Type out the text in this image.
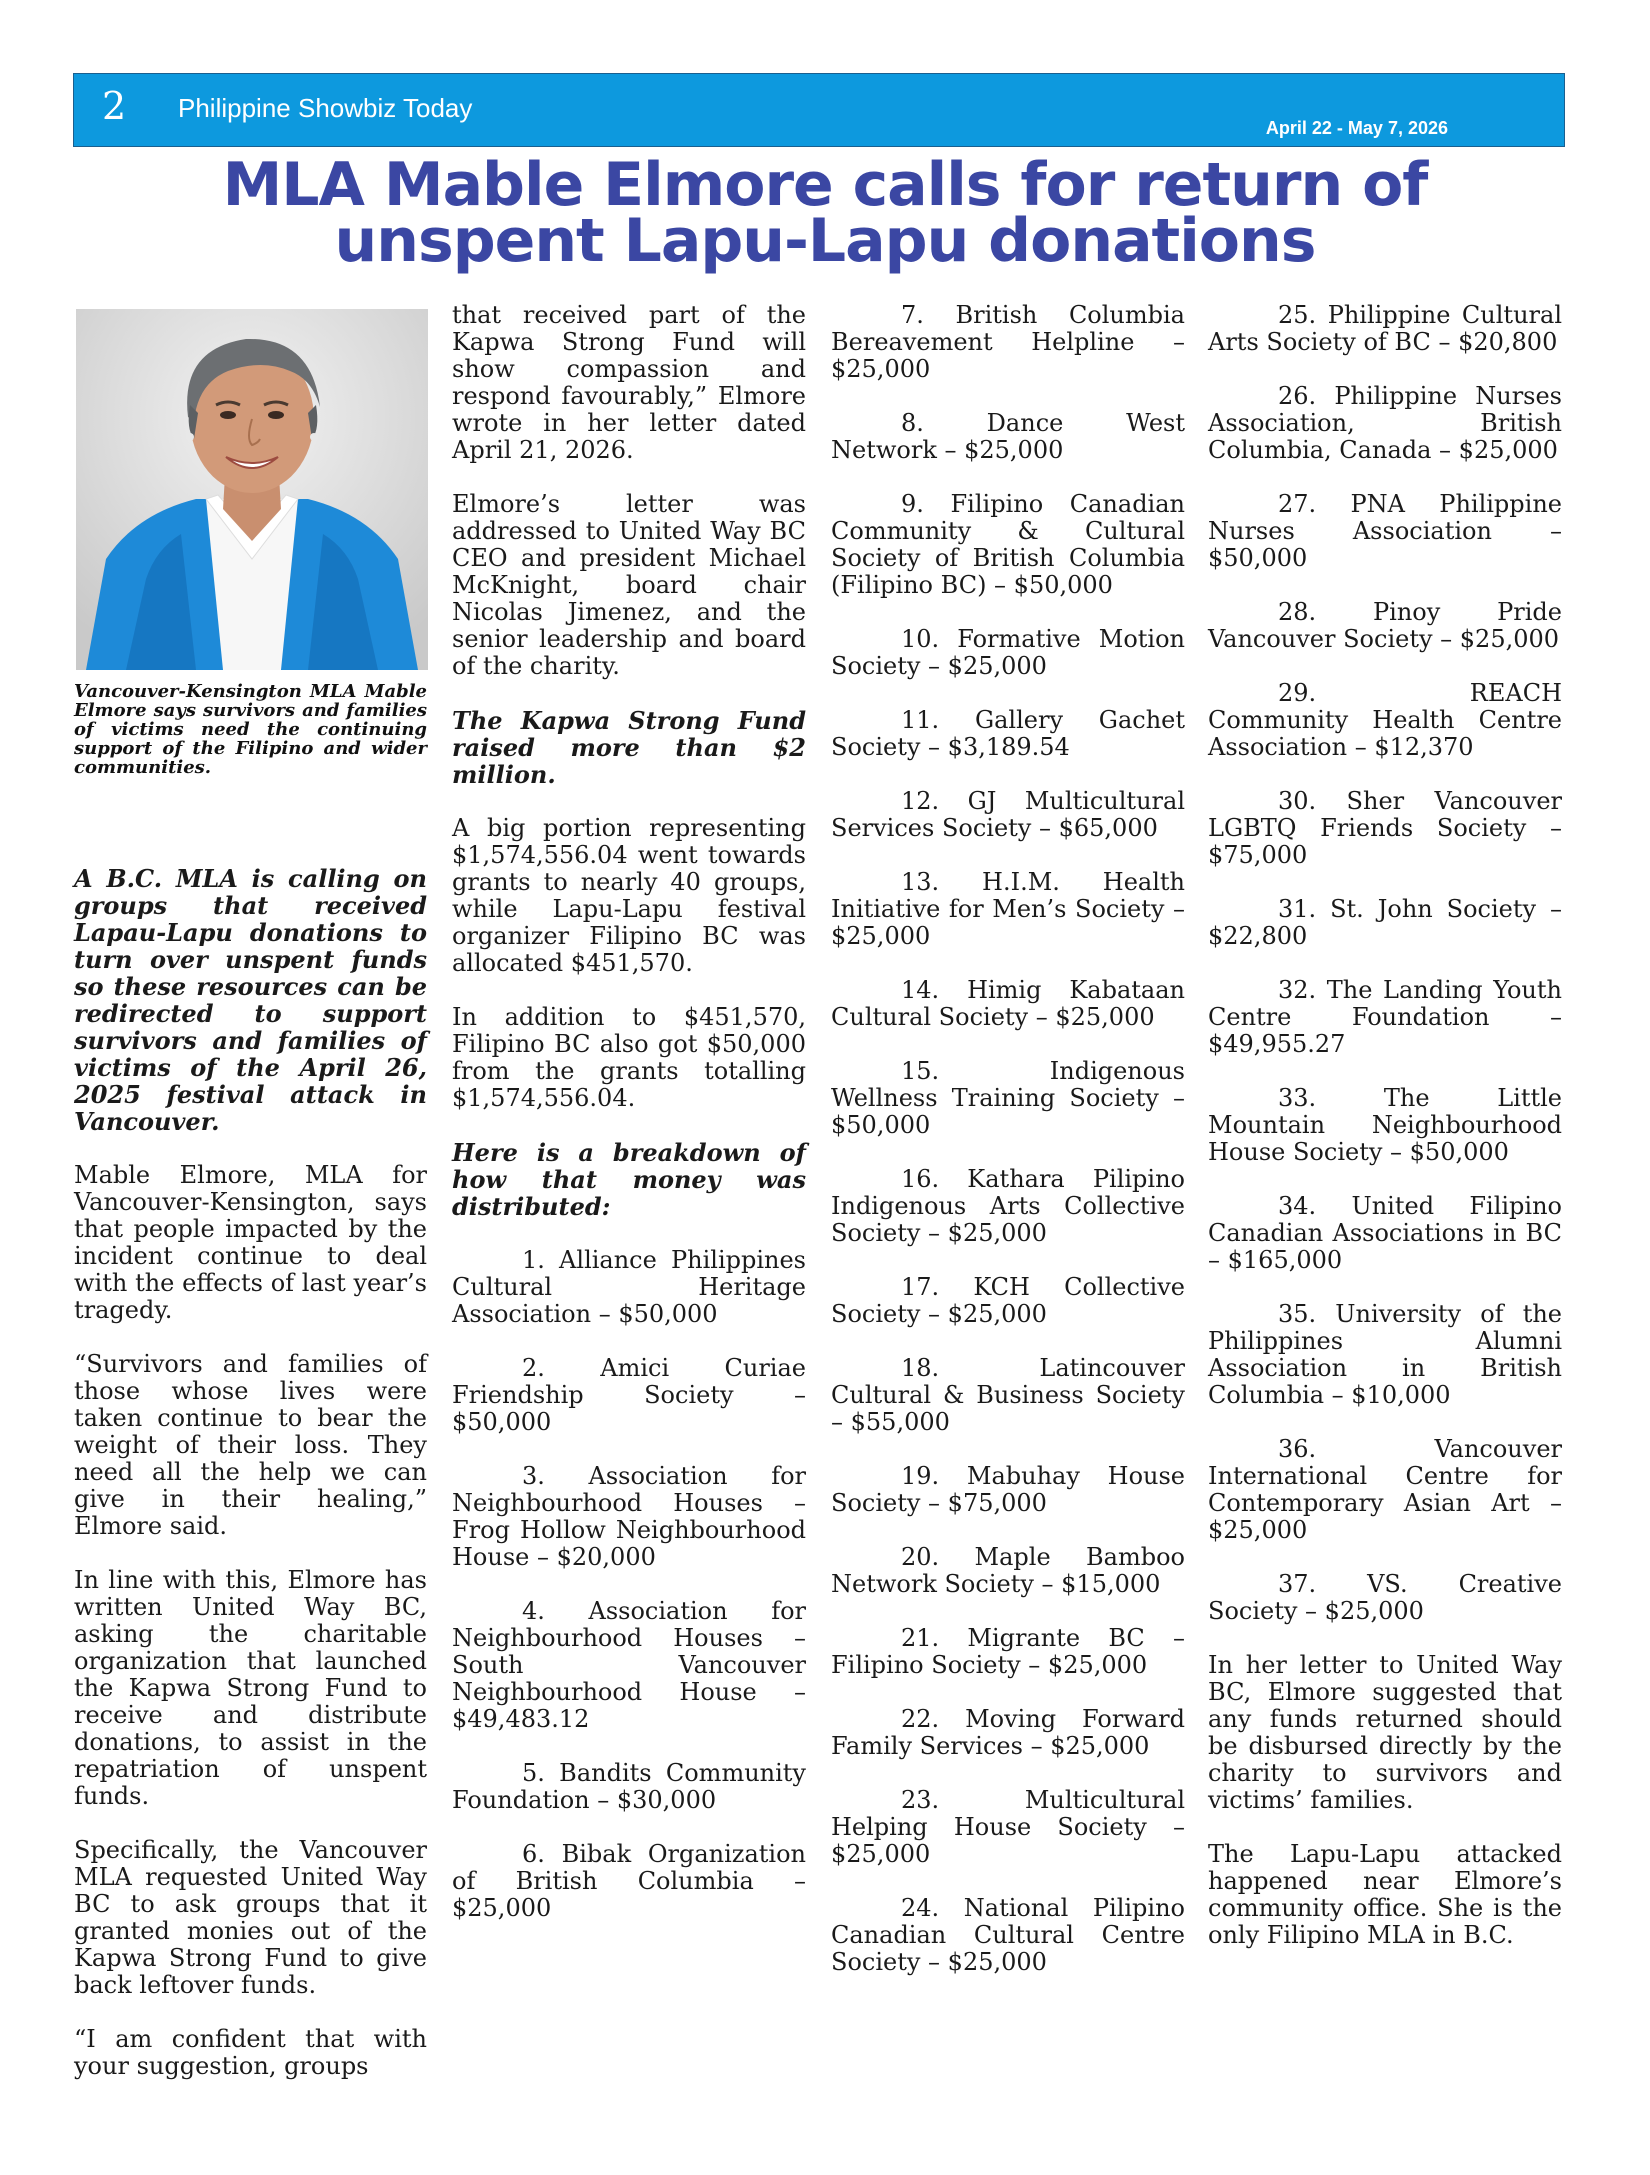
2 Philippine Showbiz Today
April 22 - May 7, 2026
MLA Mable Elmore calls for return of
unspent Lapu-Lapu donations
Vancouver-Kensington MLA Mable Elmore says survivors and families of victims need the continuing support of the Filipino and wider communities.

A B.C. MLA is calling on groups that received Lapau-Lapu donations to turn over unspent funds so these resources can be redirected to support survivors and families of victims of the April 26, 2025 festival attack in Vancouver.

Mable Elmore, MLA for Vancouver-Kensington, says that people impacted by the incident continue to deal with the effects of last year’s tragedy.

“Survivors and families of those whose lives were taken continue to bear the weight of their loss. They need all the help we can give in their healing,” Elmore said.

In line with this, Elmore has written United Way BC, asking the charitable organization that launched the Kapwa Strong Fund to receive and distribute donations, to assist in the repatriation of unspent funds.

Specifically, the Vancouver MLA requested United Way BC to ask groups that it granted monies out of the Kapwa Strong Fund to give back leftover funds.

“I am confident that with your suggestion, groups

that received part of the Kapwa Strong Fund will show compassion and respond favourably,” Elmore wrote in her letter dated April 21, 2026.

Elmore’s letter was addressed to United Way BC CEO and president Michael McKnight, board chair Nicolas Jimenez, and the senior leadership and board of the charity.

The Kapwa Strong Fund raised more than $2 million.

A big portion representing $1,574,556.04 went towards grants to nearly 40 groups, while Lapu-Lapu festival organizer Filipino BC was allocated $451,570.

In addition to $451,570, Filipino BC also got $50,000 from the grants totalling $1,574,556.04.

Here is a breakdown of how that money was distributed:

1. Alliance Philippines Cultural Heritage Association – $50,000

2. Amici Curiae Friendship Society – $50,000

3. Association for Neighbourhood Houses – Frog Hollow Neighbourhood House – $20,000

4. Association for Neighbourhood Houses – South Vancouver Neighbourhood House – $49,483.12

5. Bandits Community Foundation – $30,000

6. Bibak Organization of British Columbia – $25,000

7. British Columbia Bereavement Helpline – $25,000

8. Dance West Network – $25,000

9. Filipino Canadian Community & Cultural Society of British Columbia (Filipino BC) – $50,000

10. Formative Motion Society – $25,000

11. Gallery Gachet Society – $3,189.54

12. GJ Multicultural Services Society – $65,000

13. H.I.M. Health Initiative for Men’s Society – $25,000

14. Himig Kabataan Cultural Society – $25,000

15. Indigenous Wellness Training Society – $50,000

16. Kathara Pilipino Indigenous Arts Collective Society – $25,000

17. KCH Collective Society – $25,000

18. Latincouver Cultural & Business Society – $55,000

19. Mabuhay House Society – $75,000

20. Maple Bamboo Network Society – $15,000

21. Migrante BC – Filipino Society – $25,000

22. Moving Forward Family Services – $25,000

23. Multicultural Helping House Society – $25,000

24. National Pilipino Canadian Cultural Centre Society – $25,000

25. Philippine Cultural Arts Society of BC – $20,800

26. Philippine Nurses Association, British Columbia, Canada – $25,000

27. PNA Philippine Nurses Association – $50,000

28. Pinoy Pride Vancouver Society – $25,000

29. REACH Community Health Centre Association – $12,370

30. Sher Vancouver LGBTQ Friends Society – $75,000

31. St. John Society – $22,800

32. The Landing Youth Centre Foundation – $49,955.27

33. The Little Mountain Neighbourhood House Society – $50,000

34. United Filipino Canadian Associations in BC – $165,000

35. University of the Philippines Alumni Association in British Columbia – $10,000

36. Vancouver International Centre for Contemporary Asian Art – $25,000

37. VS. Creative Society – $25,000

In her letter to United Way BC, Elmore suggested that any funds returned should be disbursed directly by the charity to survivors and victims’ families.

The Lapu-Lapu attacked happened near Elmore’s community office. She is the only Filipino MLA in B.C.
